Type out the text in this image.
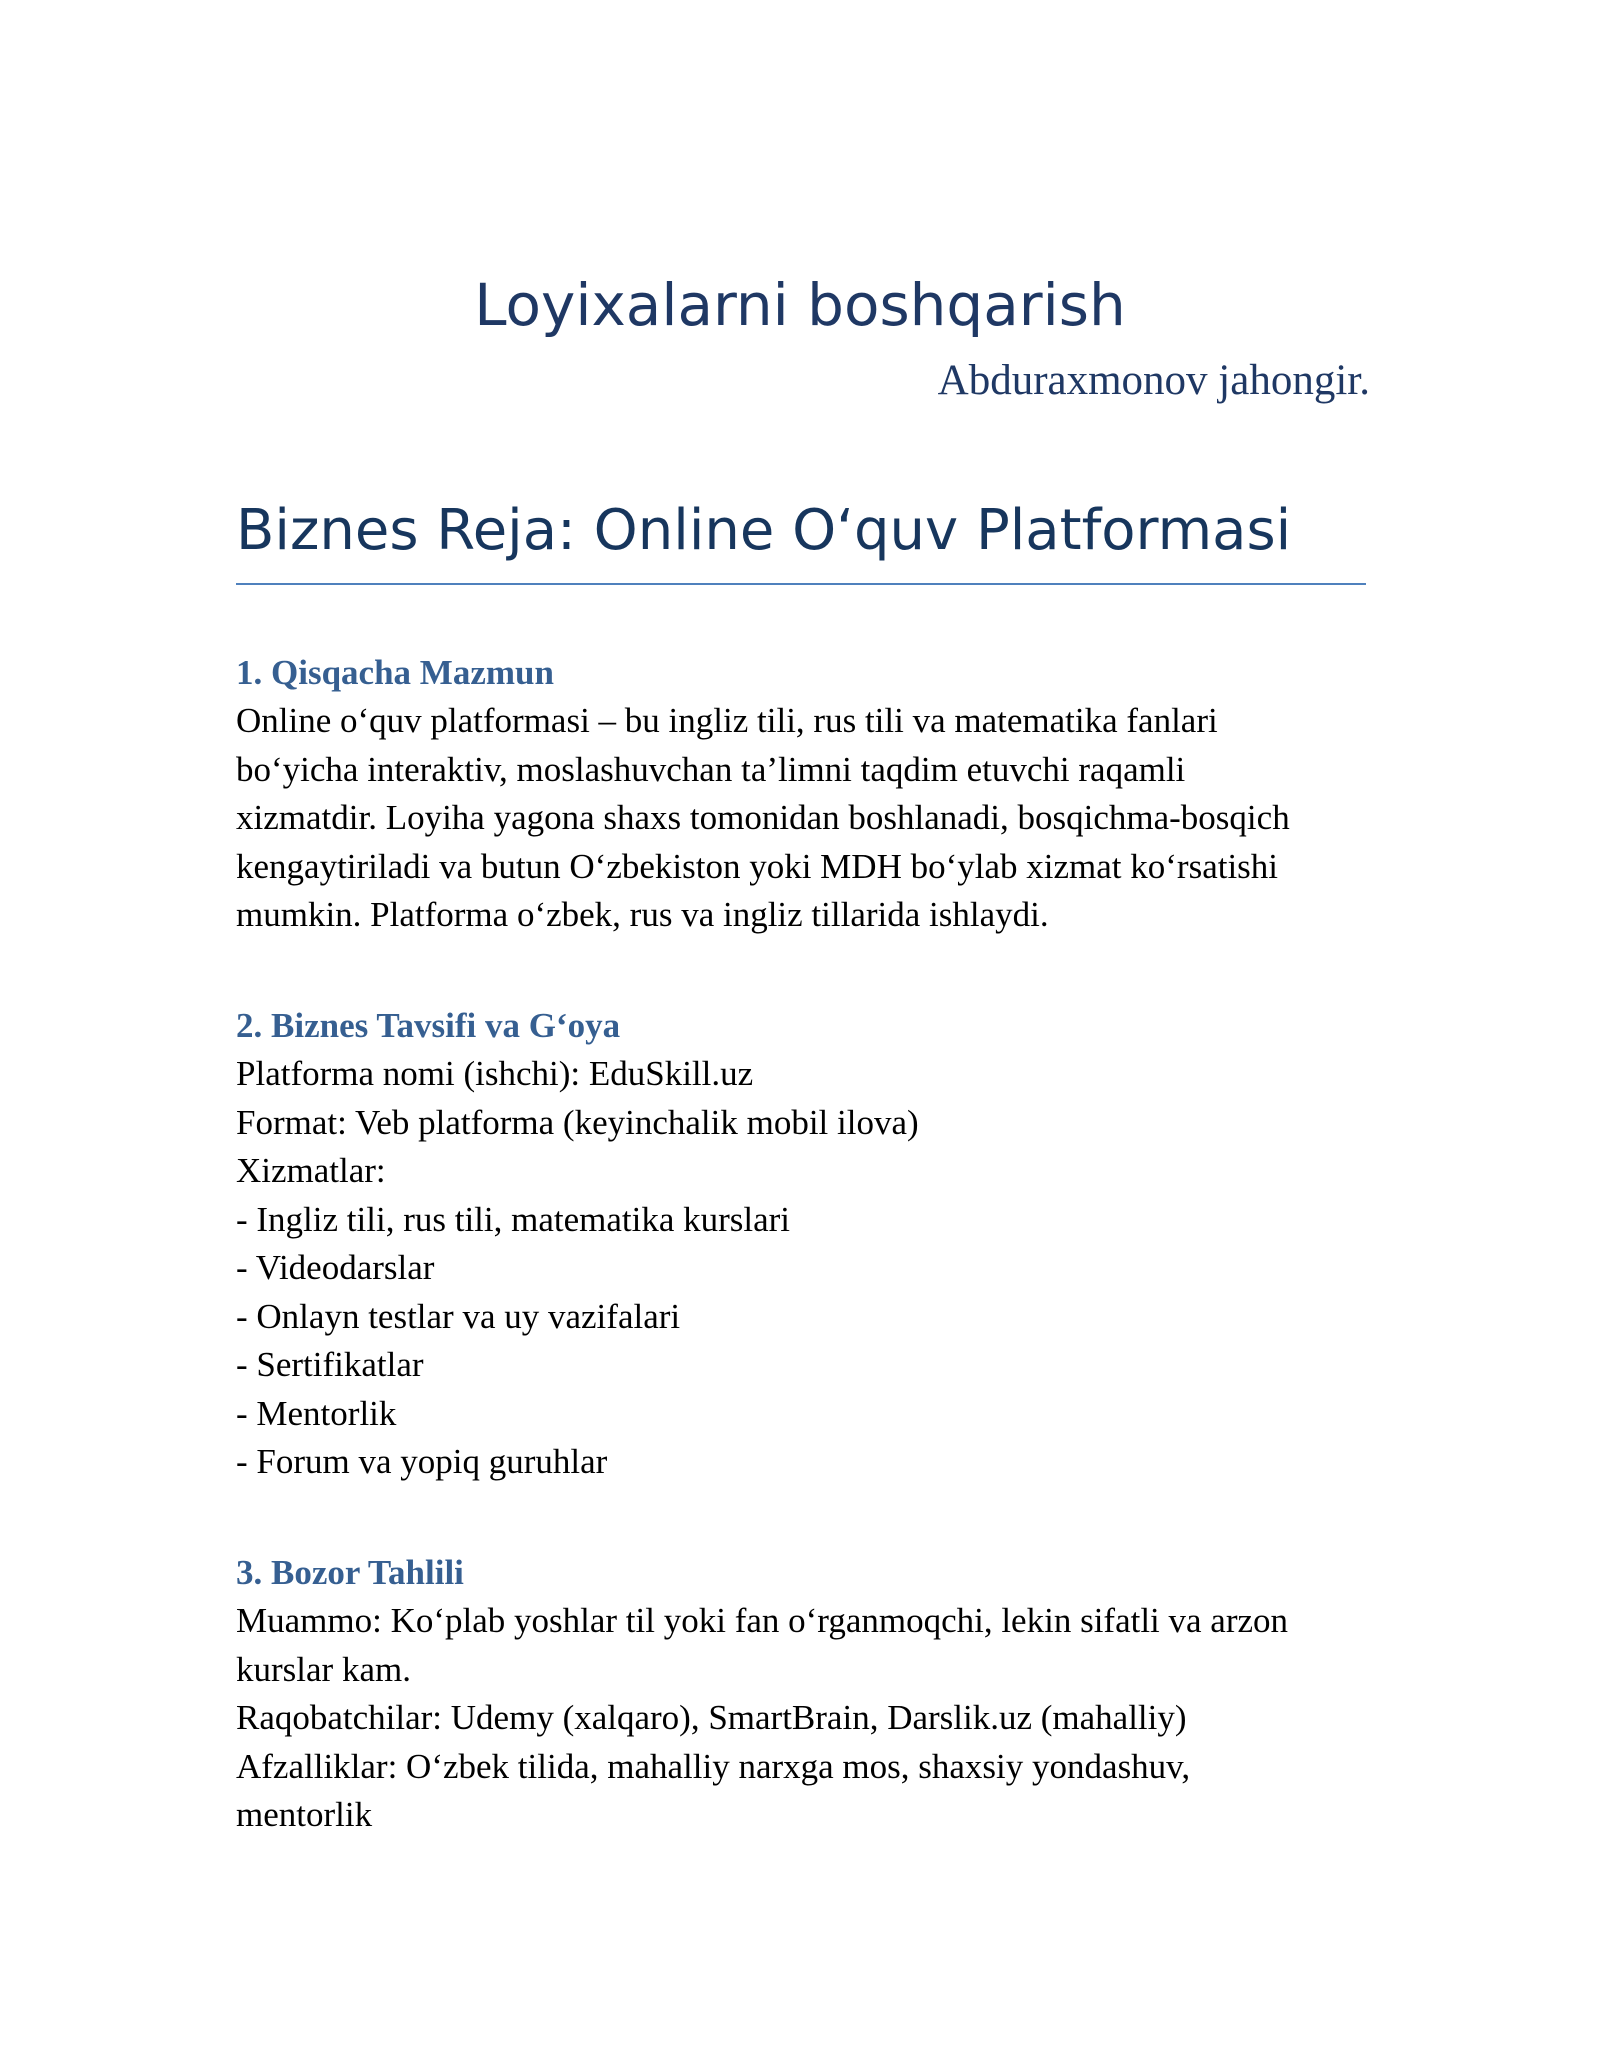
Loyixalarni boshqarish
Abduraxmonov jahongir.
Biznes Reja: Online O‘quv Platformasi
1. Qisqacha Mazmun
Online o‘quv platformasi – bu ingliz tili, rus tili va matematika fanlari
bo‘yicha interaktiv, moslashuvchan ta’limni taqdim etuvchi raqamli
xizmatdir. Loyiha yagona shaxs tomonidan boshlanadi, bosqichma-bosqich
kengaytiriladi va butun O‘zbekiston yoki MDH bo‘ylab xizmat ko‘rsatishi
mumkin. Platforma o‘zbek, rus va ingliz tillarida ishlaydi.
2. Biznes Tavsifi va G‘oya
Platforma nomi (ishchi): EduSkill.uz
Format: Veb platforma (keyinchalik mobil ilova)
Xizmatlar:
- Ingliz tili, rus tili, matematika kurslari
- Videodarslar
- Onlayn testlar va uy vazifalari
- Sertifikatlar
- Mentorlik
- Forum va yopiq guruhlar
3. Bozor Tahlili
Muammo: Ko‘plab yoshlar til yoki fan o‘rganmoqchi, lekin sifatli va arzon
kurslar kam.
Raqobatchilar: Udemy (xalqaro), SmartBrain, Darslik.uz (mahalliy)
Afzalliklar: O‘zbek tilida, mahalliy narxga mos, shaxsiy yondashuv,
mentorlik
